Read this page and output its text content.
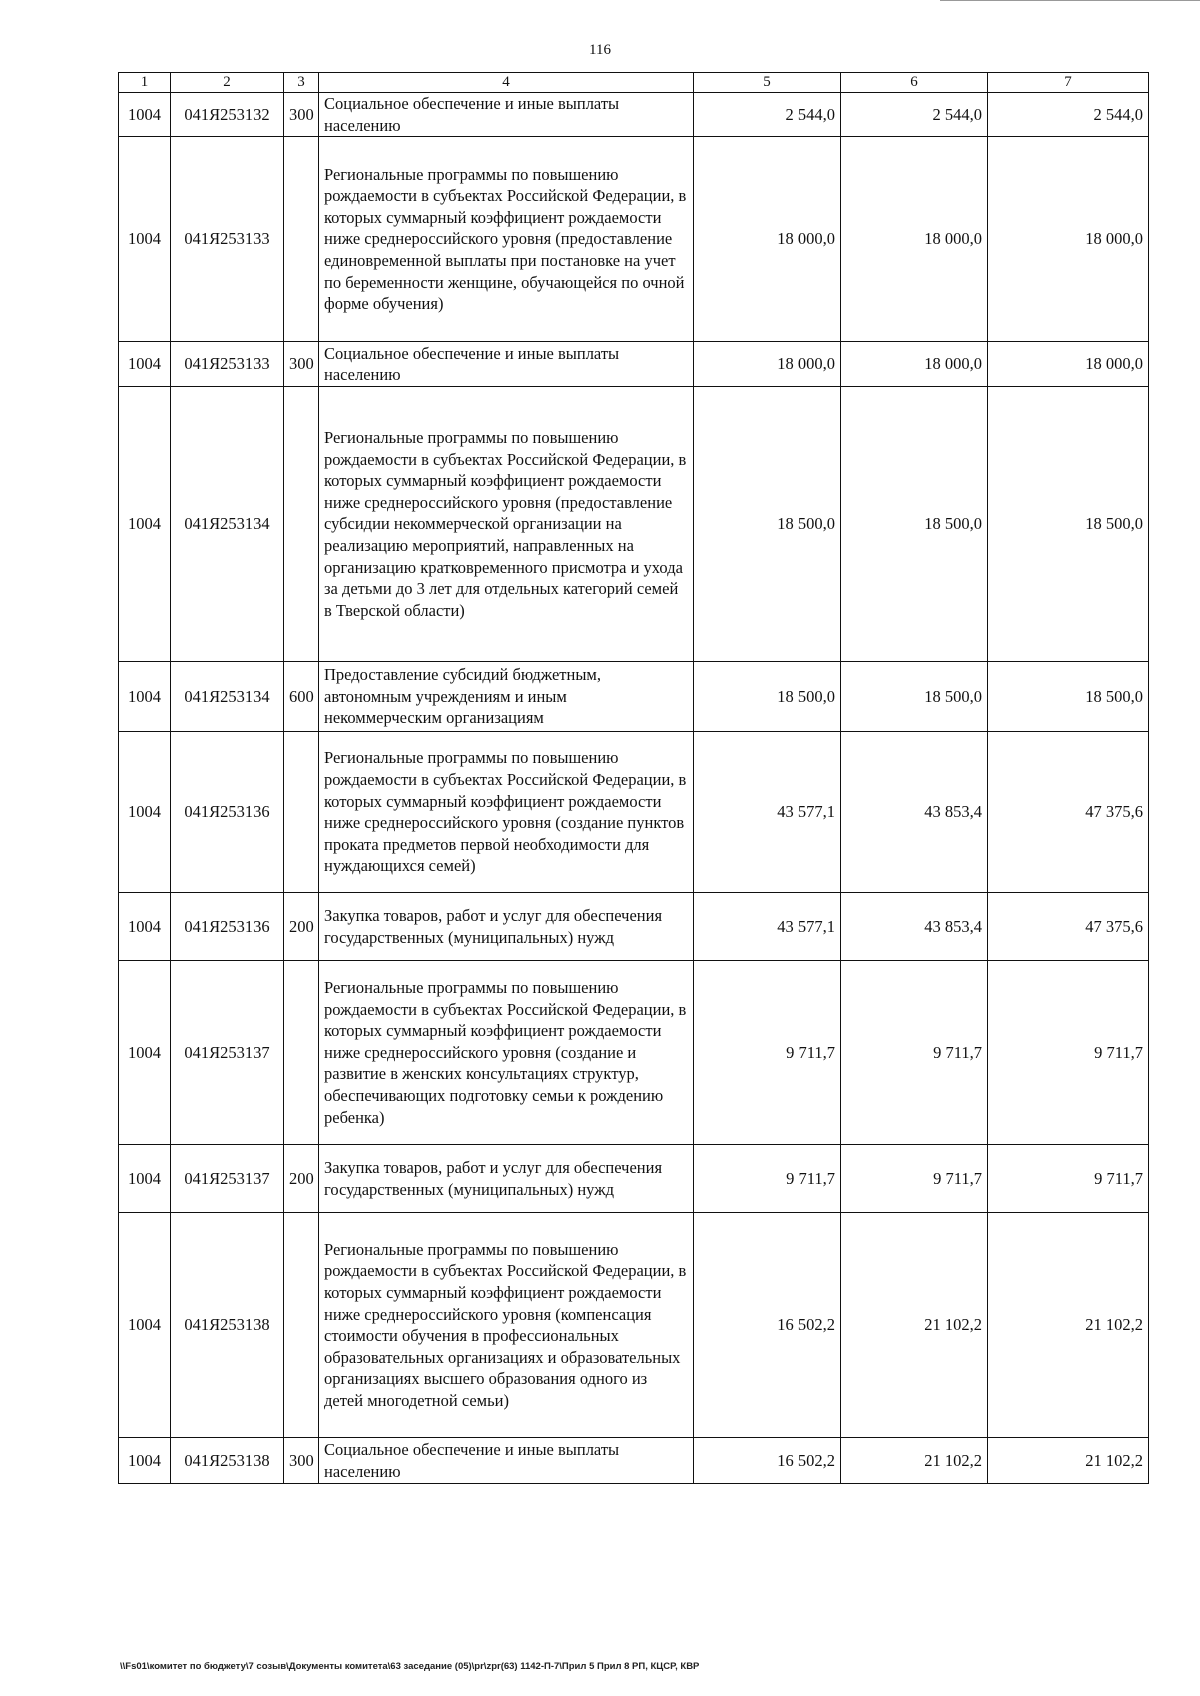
116
1	2	3	4	5	6	7
1004	041Я253132	300	Социальное обеспечение и иные выплаты населению	2 544,0	2 544,0	2 544,0
1004	041Я253133		Региональные программы по повышению рождаемости в субъектах Российской Федерации, в которых суммарный коэффициент рождаемости ниже среднероссийского уровня (предоставление единовременной выплаты при постановке на учет по беременности женщине, обучающейся по очной форме обучения)	18 000,0	18 000,0	18 000,0
1004	041Я253133	300	Социальное обеспечение и иные выплаты населению	18 000,0	18 000,0	18 000,0
1004	041Я253134		Региональные программы по повышению рождаемости в субъектах Российской Федерации, в которых суммарный коэффициент рождаемости ниже среднероссийского уровня (предоставление субсидии некоммерческой организации на реализацию мероприятий, направленных на организацию кратковременного присмотра и ухода за детьми до 3 лет для отдельных категорий семей в Тверской области)	18 500,0	18 500,0	18 500,0
1004	041Я253134	600	Предоставление субсидий бюджетным, автономным учреждениям и иным некоммерческим организациям	18 500,0	18 500,0	18 500,0
1004	041Я253136		Региональные программы по повышению рождаемости в субъектах Российской Федерации, в которых суммарный коэффициент рождаемости ниже среднероссийского уровня (создание пунктов проката предметов первой необходимости для нуждающихся семей)	43 577,1	43 853,4	47 375,6
1004	041Я253136	200	Закупка товаров, работ и услуг для обеспечения государственных (муниципальных) нужд	43 577,1	43 853,4	47 375,6
1004	041Я253137		Региональные программы по повышению рождаемости в субъектах Российской Федерации, в которых суммарный коэффициент рождаемости ниже среднероссийского уровня (создание и развитие в женских консультациях структур, обеспечивающих подготовку семьи к рождению ребенка)	9 711,7	9 711,7	9 711,7
1004	041Я253137	200	Закупка товаров, работ и услуг для обеспечения государственных (муниципальных) нужд	9 711,7	9 711,7	9 711,7
1004	041Я253138		Региональные программы по повышению рождаемости в субъектах Российской Федерации, в которых суммарный коэффициент рождаемости ниже среднероссийского уровня (компенсация стоимости обучения в профессиональных образовательных организациях и образовательных организациях высшего образования одного из детей многодетной семьи)	16 502,2	21 102,2	21 102,2
1004	041Я253138	300	Социальное обеспечение и иные выплаты населению	16 502,2	21 102,2	21 102,2
\\Fs01\комитет по бюджету\7 созыв\Документы комитета\63 заседание (05)\pr\zpr(63) 1142-П-7\Прил 5 Прил 8 РП, КЦСР, КВР
